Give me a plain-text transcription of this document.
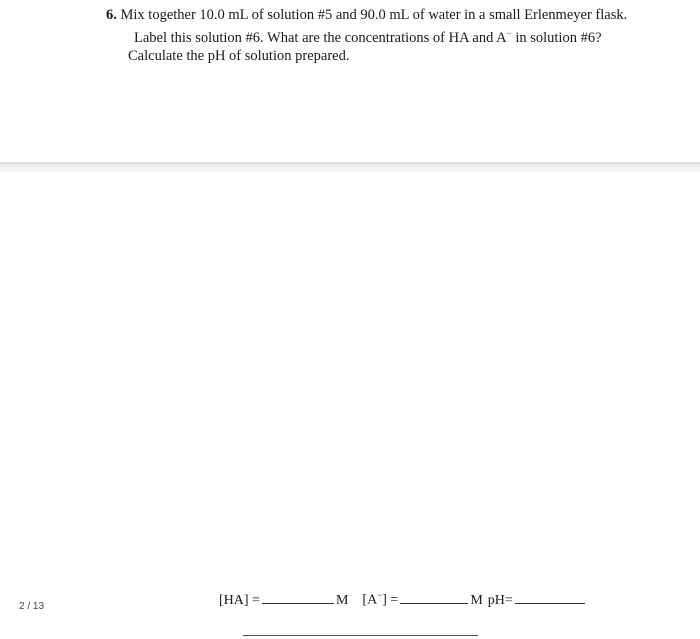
6. Mix together 10.0 mL of solution #5 and 90.0 mL of water in a small Erlenmeyer flask.
Label this solution #6. What are the concentrations of HA and A− in solution #6?
Calculate the pH of solution prepared.
2 / 13	[HA] =	M [A−] =	M pH=
